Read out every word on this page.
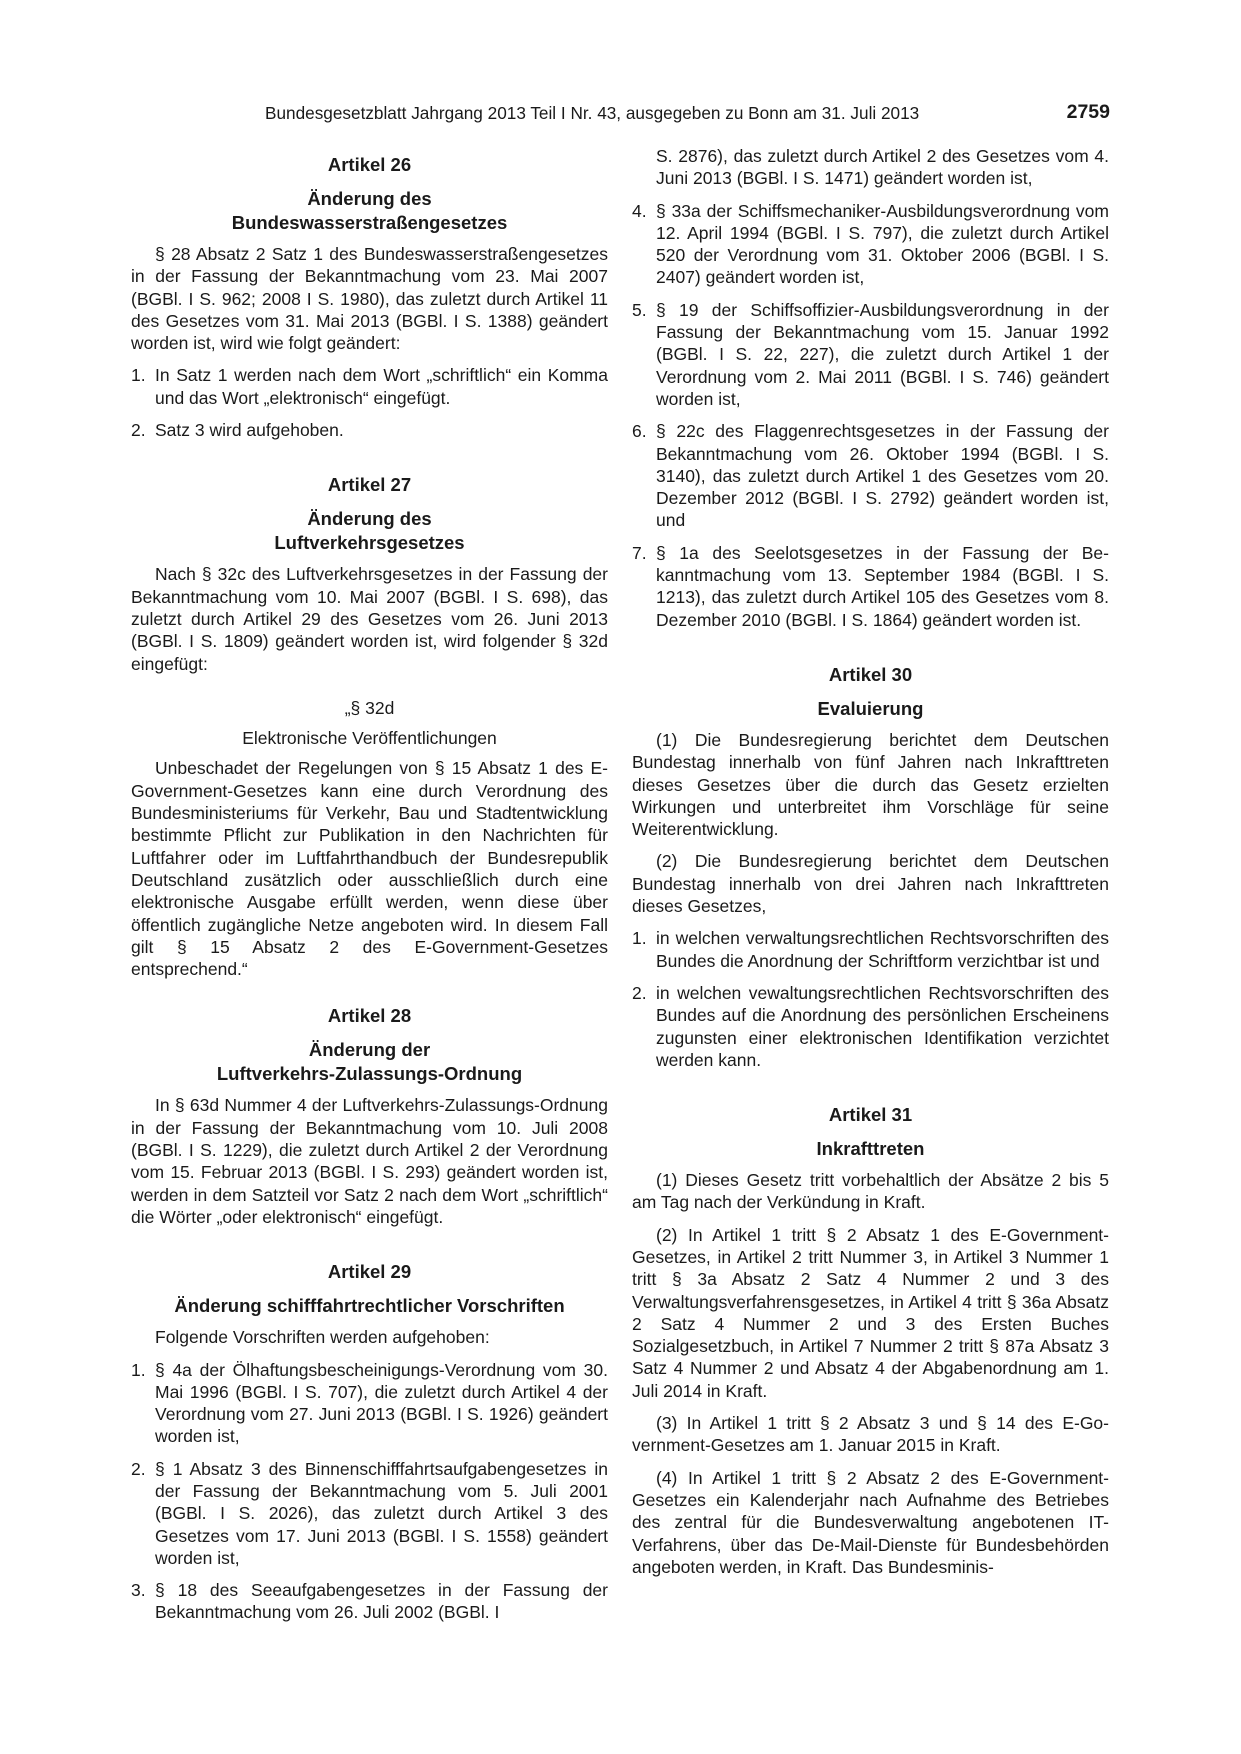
Bundesgesetzblatt Jahrgang 2013 Teil I Nr. 43, ausgegeben zu Bonn am 31. Juli 2013	2759
Artikel 26
Änderung des
Bundeswasserstraßengesetzes

§ 28 Absatz 2 Satz 1 des Bundeswasserstraßengesetzes in der Fassung der Bekanntmachung vom 23. Mai 2007 (BGBl. I S. 962; 2008 I S. 1980), das zuletzt durch Artikel 11 des Gesetzes vom 31. Mai 2013 (BGBl. I S. 1388) geändert worden ist, wird wie folgt geändert:

1. In Satz 1 werden nach dem Wort „schriftlich“ ein Komma und das Wort „elektronisch“ eingefügt.
2. Satz 3 wird aufgehoben.
Artikel 27
Änderung des
Luftverkehrsgesetzes

Nach § 32c des Luftverkehrsgesetzes in der Fassung der Bekanntmachung vom 10. Mai 2007 (BGBl. I S. 698), das zuletzt durch Artikel 29 des Gesetzes vom 26. Juni 2013 (BGBl. I S. 1809) geändert worden ist, wird folgender § 32d eingefügt:

„§ 32d
Elektronische Veröffentlichungen

Unbeschadet der Regelungen von § 15 Absatz 1 des E-Government-Gesetzes kann eine durch Verordnung des Bundesministeriums für Verkehr, Bau und Stadtentwicklung bestimmte Pflicht zur Publikation in den Nachrichten für Luftfahrer oder im Luftfahrthandbuch der Bundesrepublik Deutschland zusätzlich oder ausschließlich durch eine elektronische Ausgabe erfüllt werden, wenn diese über öffentlich zugängliche Netze angeboten wird. In diesem Fall gilt § 15 Absatz 2 des E-Government-Gesetzes entsprechend.“

Artikel 28
Änderung der
Luftverkehrs-Zulassungs-Ordnung

In § 63d Nummer 4 der Luftverkehrs-Zulassungs-Ordnung in der Fassung der Bekanntmachung vom 10. Juli 2008 (BGBl. I S. 1229), die zuletzt durch Artikel 2 der Verordnung vom 15. Februar 2013 (BGBl. I S. 293) geändert worden ist, werden in dem Satzteil vor Satz 2 nach dem Wort „schriftlich“ die Wörter „oder elektronisch“ eingefügt.

Artikel 29
Änderung schifffahrtrechtlicher Vorschriften

Folgende Vorschriften werden aufgehoben:

1. § 4a der Ölhaftungsbescheinigungs-Verordnung vom 30. Mai 1996 (BGBl. I S. 707), die zuletzt durch Artikel 4 der Verordnung vom 27. Juni 2013 (BGBl. I S. 1926) geändert worden ist,
2. § 1 Absatz 3 des Binnenschifffahrtsaufgabengesetzes in der Fassung der Bekanntmachung vom 5. Juli 2001 (BGBl. I S. 2026), das zuletzt durch Artikel 3 des Gesetzes vom 17. Juni 2013 (BGBl. I S. 1558) geändert worden ist,
3. § 18 des Seeaufgabengesetzes in der Fassung der Bekanntmachung vom 26. Juli 2002 (BGBl. I
S. 2876), das zuletzt durch Artikel 2 des Gesetzes vom 4. Juni 2013 (BGBl. I S. 1471) geändert worden ist,
4. § 33a der Schiffsmechaniker-Ausbildungsverordnung vom 12. April 1994 (BGBl. I S. 797), die zuletzt durch Artikel 520 der Verordnung vom 31. Oktober 2006 (BGBl. I S. 2407) geändert worden ist,
5. § 19 der Schiffsoffizier-Ausbildungsverordnung in der Fassung der Bekanntmachung vom 15. Januar 1992 (BGBl. I S. 22, 227), die zuletzt durch Artikel 1 der Verordnung vom 2. Mai 2011 (BGBl. I S. 746) geändert worden ist,
6. § 22c des Flaggenrechtsgesetzes in der Fassung der Bekanntmachung vom 26. Oktober 1994 (BGBl. I S. 3140), das zuletzt durch Artikel 1 des Gesetzes vom 20. Dezember 2012 (BGBl. I S. 2792) geändert worden ist, und
7. § 1a des Seelotsgesetzes in der Fassung der Bekanntmachung vom 13. September 1984 (BGBl. I S. 1213), das zuletzt durch Artikel 105 des Gesetzes vom 8. Dezember 2010 (BGBl. I S. 1864) geändert worden ist.
Artikel 30
Evaluierung

(1) Die Bundesregierung berichtet dem Deutschen Bundestag innerhalb von fünf Jahren nach Inkrafttreten dieses Gesetzes über die durch das Gesetz erzielten Wirkungen und unterbreitet ihm Vorschläge für seine Weiterentwicklung.

(2) Die Bundesregierung berichtet dem Deutschen Bundestag innerhalb von drei Jahren nach Inkrafttreten dieses Gesetzes,

1. in welchen verwaltungsrechtlichen Rechtsvorschriften des Bundes die Anordnung der Schriftform verzichtbar ist und
2. in welchen vewaltungsrechtlichen Rechtsvorschriften des Bundes auf die Anordnung des persönlichen Erscheinens zugunsten einer elektronischen Identifikation verzichtet werden kann.
Artikel 31
Inkrafttreten

(1) Dieses Gesetz tritt vorbehaltlich der Absätze 2 bis 5 am Tag nach der Verkündung in Kraft.

(2) In Artikel 1 tritt § 2 Absatz 1 des E-Government-Gesetzes, in Artikel 2 tritt Nummer 3, in Artikel 3 Nummer 1 tritt § 3a Absatz 2 Satz 4 Nummer 2 und 3 des Verwaltungsverfahrensgesetzes, in Artikel 4 tritt § 36a Absatz 2 Satz 4 Nummer 2 und 3 des Ersten Buches Sozialgesetzbuch, in Artikel 7 Nummer 2 tritt § 87a Absatz 3 Satz 4 Nummer 2 und Absatz 4 der Abgabenordnung am 1. Juli 2014 in Kraft.

(3) In Artikel 1 tritt § 2 Absatz 3 und § 14 des E-Government-Gesetzes am 1. Januar 2015 in Kraft.

(4) In Artikel 1 tritt § 2 Absatz 2 des E-Government-Gesetzes ein Kalenderjahr nach Aufnahme des Betriebes des zentral für die Bundesverwaltung angebotenen IT-Verfahrens, über das De-Mail-Dienste für Bundesbehörden angeboten werden, in Kraft. Das Bundesminis-
